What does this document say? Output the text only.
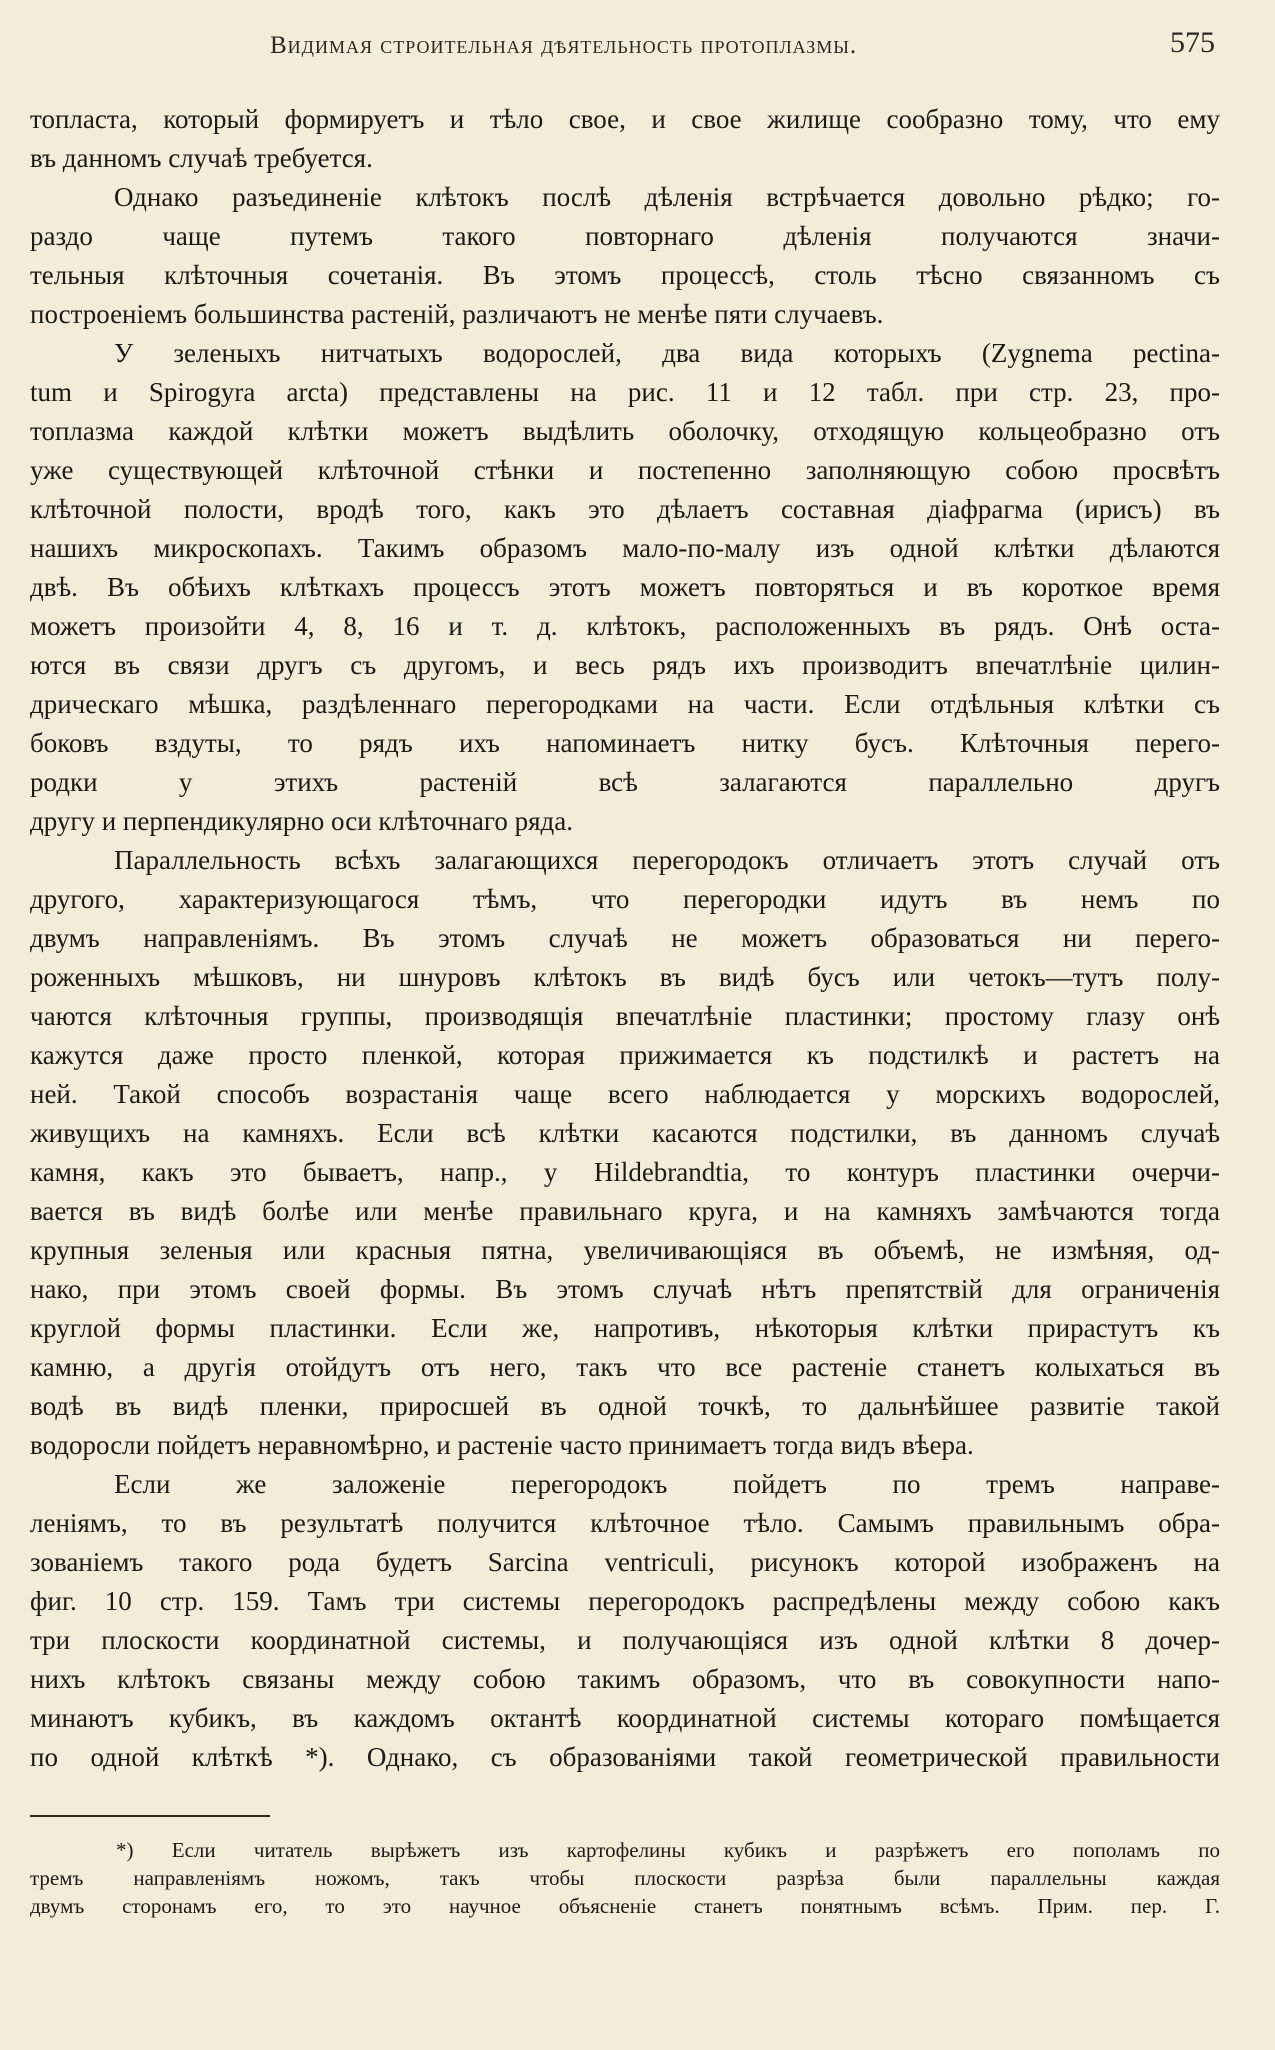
Видимая строительная дѣятельность протоплазмы.	575
топласта, который формируетъ и тѣло свое, и свое жилище сообразно тому, что ему
въ данномъ случаѣ требуется.
Однако разъединеніе клѣтокъ послѣ дѣленія встрѣчается довольно рѣдко; го-
раздо чаще путемъ такого повторнаго дѣленія получаются значи-
тельныя клѣточныя сочетанія. Въ этомъ процессѣ, столь тѣсно связанномъ съ
построеніемъ большинства растеній, различаютъ не менѣе пяти случаевъ.
У зеленыхъ нитчатыхъ водорослей, два вида которыхъ (Zygnema pectina-
tum и Spirogyra arcta) представлены на рис. 11 и 12 табл. при стр. 23, про-
топлазма каждой клѣтки можетъ выдѣлить оболочку, отходящую кольцеобразно отъ
уже существующей клѣточной стѣнки и постепенно заполняющую собою просвѣтъ
клѣточной полости, вродѣ того, какъ это дѣлаетъ составная діафрагма (ирисъ) въ
нашихъ микроскопахъ. Такимъ образомъ мало-по-малу изъ одной клѣтки дѣлаются
двѣ. Въ обѣихъ клѣткахъ процессъ этотъ можетъ повторяться и въ короткое время
можетъ произойти 4, 8, 16 и т. д. клѣтокъ, расположенныхъ въ рядъ. Онѣ оста-
ются въ связи другъ съ другомъ, и весь рядъ ихъ производитъ впечатлѣніе цилин-
дрическаго мѣшка, раздѣленнаго перегородками на части. Если отдѣльныя клѣтки съ
боковъ вздуты, то рядъ ихъ напоминаетъ нитку бусъ. Клѣточныя перего-
родки у этихъ растеній всѣ залагаются параллельно другъ
другу и перпендикулярно оси клѣточнаго ряда.
Параллельность всѣхъ залагающихся перегородокъ отличаетъ этотъ случай отъ
другого, характеризующагося тѣмъ, что перегородки идутъ въ немъ по
двумъ направленіямъ. Въ этомъ случаѣ не можетъ образоваться ни перего-
роженныхъ мѣшковъ, ни шнуровъ клѣтокъ въ видѣ бусъ или четокъ—тутъ полу-
чаются клѣточныя группы, производящія впечатлѣніе пластинки; простому глазу онѣ
кажутся даже просто пленкой, которая прижимается къ подстилкѣ и растетъ на
ней. Такой способъ возрастанія чаще всего наблюдается у морскихъ водорослей,
живущихъ на камняхъ. Если всѣ клѣтки касаются подстилки, въ данномъ случаѣ
камня, какъ это бываетъ, напр., у Hildebrandtia, то контуръ пластинки очерчи-
вается въ видѣ болѣе или менѣе правильнаго круга, и на камняхъ замѣчаются тогда
крупныя зеленыя или красныя пятна, увеличивающіяся въ объемѣ, не измѣняя, од-
нако, при этомъ своей формы. Въ этомъ случаѣ нѣтъ препятствій для ограниченія
круглой формы пластинки. Если же, напротивъ, нѣкоторыя клѣтки прирастутъ къ
камню, а другія отойдутъ отъ него, такъ что все растеніе станетъ колыхаться въ
водѣ въ видѣ пленки, приросшей въ одной точкѣ, то дальнѣйшее развитіе такой
водоросли пойдетъ неравномѣрно, и растеніе часто принимаетъ тогда видъ вѣера.
Если же заложеніе перегородокъ пойдетъ по тремъ направе-
леніямъ, то въ результатѣ получится клѣточное тѣло. Самымъ правильнымъ обра-
зованіемъ такого рода будетъ Sarcina ventriculi, рисунокъ которой изображенъ на
фиг. 10 стр. 159. Тамъ три системы перегородокъ распредѣлены между собою какъ
три плоскости координатной системы, и получающіяся изъ одной клѣтки 8 дочер-
нихъ клѣтокъ связаны между собою такимъ образомъ, что въ совокупности напо-
минаютъ кубикъ, въ каждомъ октантѣ координатной системы котораго помѣщается
по одной клѣткѣ *). Однако, съ образованіями такой геометрической правильности
*) Если читатель вырѣжетъ изъ картофелины кубикъ и разрѣжетъ его пополамъ по
тремъ направленіямъ ножомъ, такъ чтобы плоскости разрѣза были параллельны каждая
двумъ сторонамъ его, то это научное объясненіе станетъ понятнымъ всѣмъ. Прим. пер. Г.
